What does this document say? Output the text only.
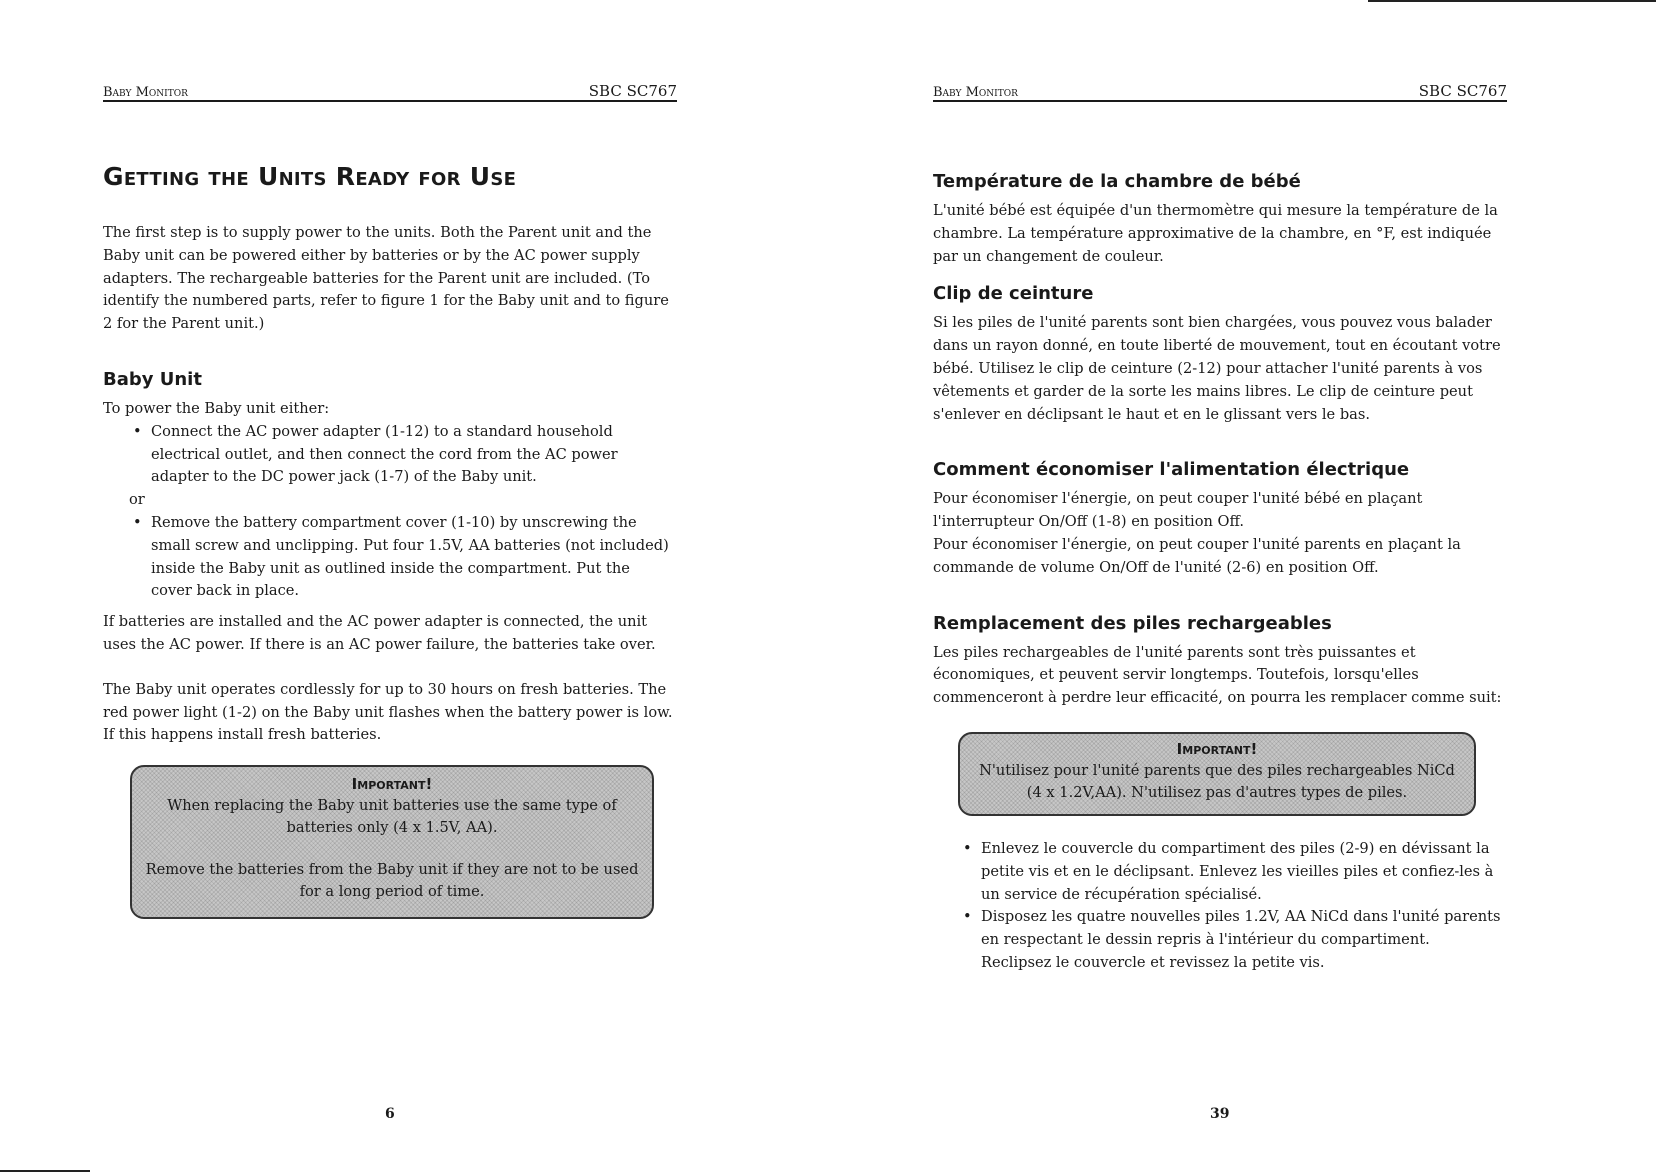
Baby Monitor	SBC SC767
Getting the Units Ready for Use

The first step is to supply power to the units. Both the Parent unit and the Baby unit can be powered either by batteries or by the AC power supply adapters. The rechargeable batteries for the Parent unit are included. (To identify the numbered parts, refer to figure 1 for the Baby unit and to figure 2 for the Parent unit.)

Baby Unit

To power the Baby unit either:

• Connect the AC power adapter (1-12) to a standard household electrical outlet, and then connect the cord from the AC power adapter to the DC power jack (1-7) of the Baby unit.

or

• Remove the battery compartment cover (1-10) by unscrewing the small screw and unclipping. Put four 1.5V, AA batteries (not included) inside the Baby unit as outlined inside the compartment. Put the cover back in place.

If batteries are installed and the AC power adapter is connected, the unit uses the AC power. If there is an AC power failure, the batteries take over.

The Baby unit operates cordlessly for up to 30 hours on fresh batteries. The red power light (1-2) on the Baby unit flashes when the battery power is low. If this happens install fresh batteries.

Important!
When replacing the Baby unit batteries use the same type of batteries only (4 x 1.5V, AA).
Remove the batteries from the Baby unit if they are not to be used for a long period of time.
6
Baby Monitor	SBC SC767
Température de la chambre de bébé

L'unité bébé est équipée d'un thermomètre qui mesure la température de la chambre. La température approximative de la chambre, en °F, est indiquée par un changement de couleur.

Clip de ceinture

Si les piles de l'unité parents sont bien chargées, vous pouvez vous balader dans un rayon donné, en toute liberté de mouvement, tout en écoutant votre bébé. Utilisez le clip de ceinture (2-12) pour attacher l'unité parents à vos vêtements et garder de la sorte les mains libres. Le clip de ceinture peut s'enlever en déclipsant le haut et en le glissant vers le bas.

Comment économiser l'alimentation électrique

Pour économiser l'énergie, on peut couper l'unité bébé en plaçant l'interrupteur On/Off (1-8) en position Off.

Pour économiser l'énergie, on peut couper l'unité parents en plaçant la commande de volume On/Off de l'unité (2-6) en position Off.

Remplacement des piles rechargeables

Les piles rechargeables de l'unité parents sont très puissantes et économiques, et peuvent servir longtemps. Toutefois, lorsqu'elles commenceront à perdre leur efficacité, on pourra les remplacer comme suit:

Important!
N'utilisez pour l'unité parents que des piles rechargeables NiCd (4 x 1.2V,AA). N'utilisez pas d'autres types de piles.
• Enlevez le couvercle du compartiment des piles (2-9) en dévissant la petite vis et en le déclipsant. Enlevez les vieilles piles et confiez-les à un service de récupération spécialisé.
• Disposez les quatre nouvelles piles 1.2V, AA NiCd dans l'unité parents en respectant le dessin repris à l'intérieur du compartiment. Reclipsez le couvercle et revissez la petite vis.
39
